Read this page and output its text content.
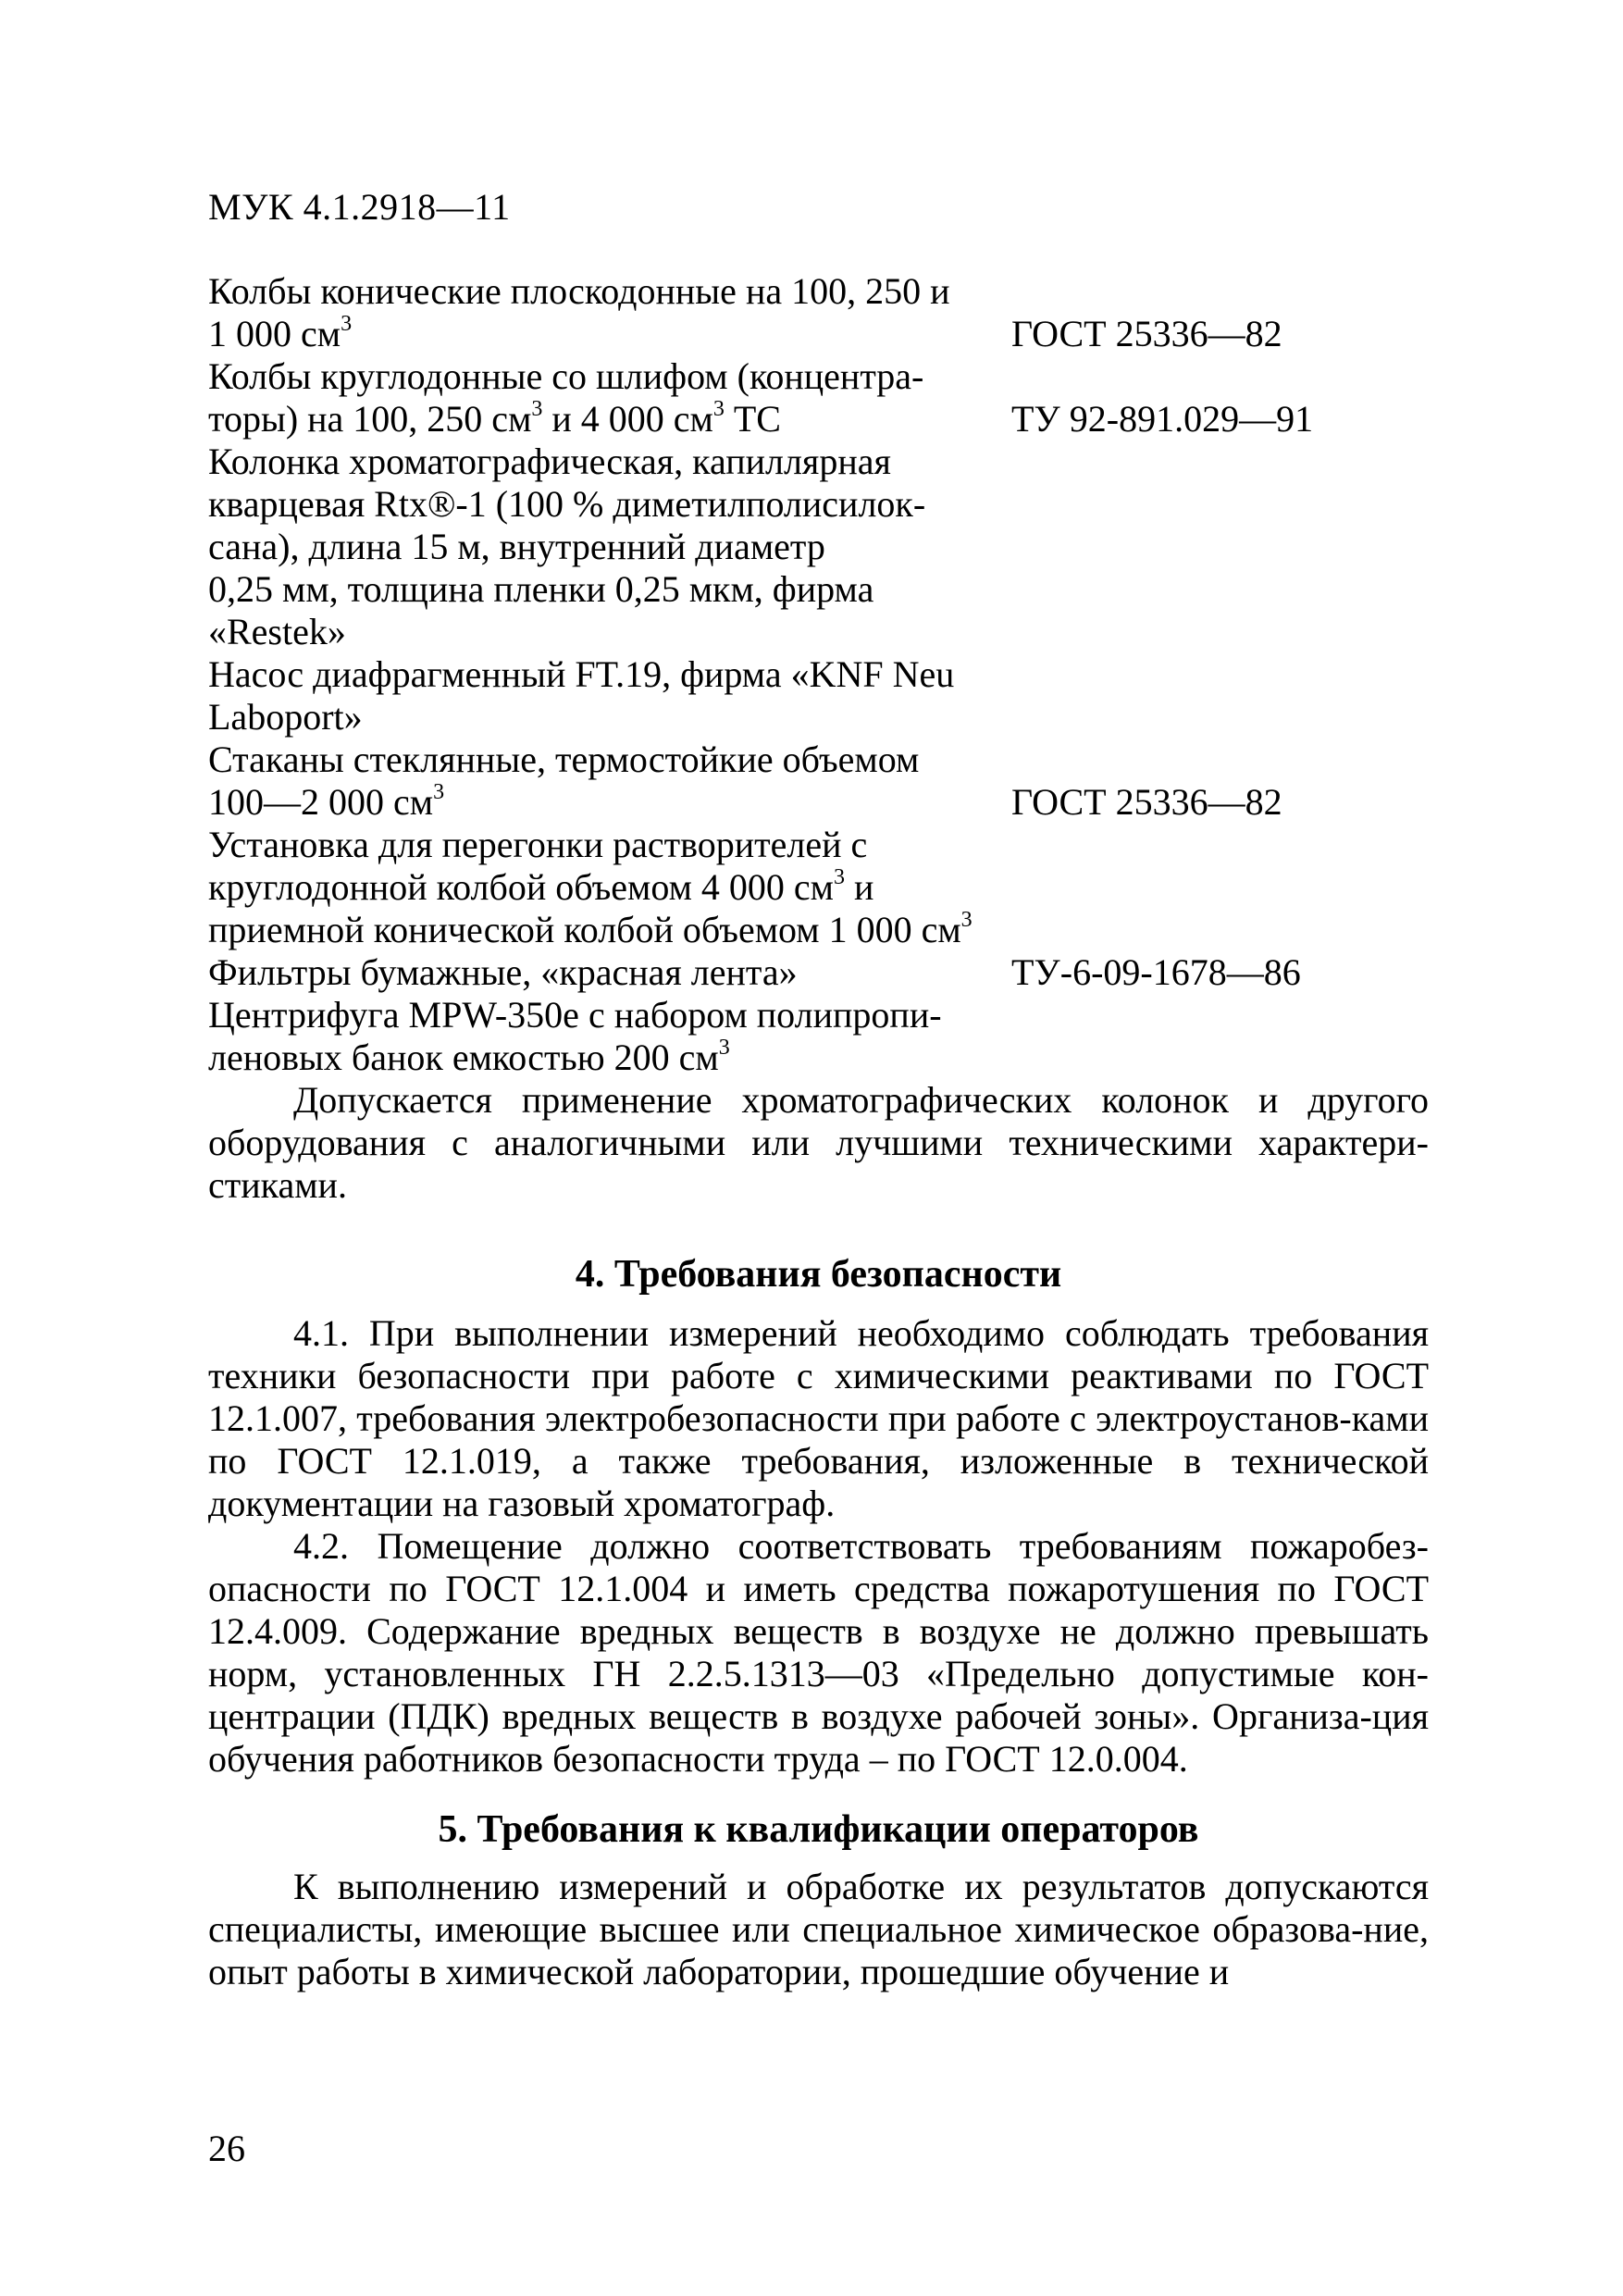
МУК 4.1.2918—11
Колбы конические плоскодонные на 100, 250 и
1 000 $см^3$	ГОСТ 25336—82
Колбы круглодонные со шлифом (концентра-
торы) на 100, 250 $см^3$ и 4 000 $см^3$ ТС	ТУ 92-891.029—91
Колонка хроматографическая, капиллярная
кварцевая Rtx®-1 (100 % диметилполисилок-
сана), длина 15 м, внутренний диаметр
0,25 мм, толщина пленки 0,25 мкм, фирма
«Restek»
Насос диафрагменный FT.19, фирма «KNF Neu
Laboport»
Стаканы стеклянные, термостойкие объемом
100—2 000 $см^3$	ГОСТ 25336—82
Установка для перегонки растворителей с
круглодонной колбой объемом 4 000 $см^3$ и
приемной конической колбой объемом 1 000 $см^3$
Фильтры бумажные, «красная лента»	ТУ-6-09-1678—86
Центрифуга MPW-350e с набором полипропи-
леновых банок емкостью 200 $см^3$

Допускается применение хроматографических колонок и другого оборудования с аналогичными или лучшими техническими характери-стиками.

4. Требования безопасности

4.1. При выполнении измерений необходимо соблюдать требования техники безопасности при работе с химическими реактивами по ГОСТ 12.1.007, требования электробезопасности при работе с электроустанов-ками по ГОСТ 12.1.019, а также требования, изложенные в технической документации на газовый хроматограф.

4.2. Помещение должно соответствовать требованиям пожаробез-опасности по ГОСТ 12.1.004 и иметь средства пожаротушения по ГОСТ 12.4.009. Содержание вредных веществ в воздухе не должно превышать норм, установленных ГН 2.2.5.1313—03 «Предельно допустимые кон-центрации (ПДК) вредных веществ в воздухе рабочей зоны». Организа-ция обучения работников безопасности труда – по ГОСТ 12.0.004.

5. Требования к квалификации операторов

К выполнению измерений и обработке их результатов допускаются специалисты, имеющие высшее или специальное химическое образова-ние, опыт работы в химической лаборатории, прошедшие обучение и

26
